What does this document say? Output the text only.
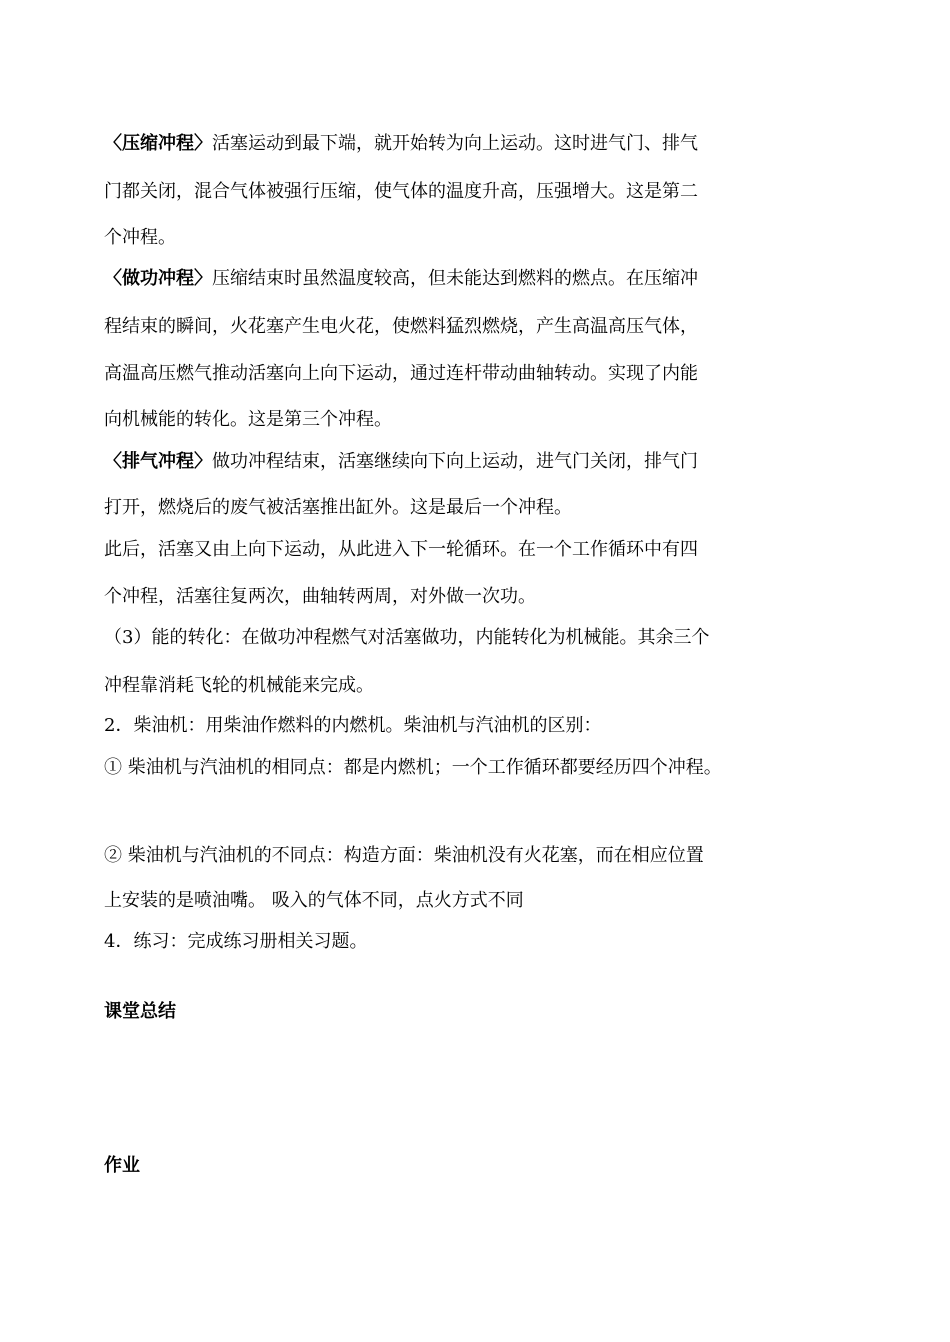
〈压缩冲程〉活塞运动到最下端，就开始转为向上运动。这时进气门、排气
门都关闭，混合气体被强行压缩，使气体的温度升高，压强增大。这是第二
个冲程。
〈做功冲程〉压缩结束时虽然温度较高，但未能达到燃料的燃点。在压缩冲
程结束的瞬间，火花塞产生电火花，使燃料猛烈燃烧，产生高温高压气体，
高温高压燃气推动活塞向上向下运动，通过连杆带动曲轴转动。实现了内能
向机械能的转化。这是第三个冲程。
〈排气冲程〉做功冲程结束，活塞继续向下向上运动，进气门关闭，排气门
打开，燃烧后的废气被活塞推出缸外。这是最后一个冲程。
此后，活塞又由上向下运动，从此进入下一轮循环。在一个工作循环中有四
个冲程，活塞往复两次，曲轴转两周，对外做一次功。
（3）能的转化：在做功冲程燃气对活塞做功，内能转化为机械能。其余三个
冲程靠消耗飞轮的机械能来完成。
2．柴油机：用柴油作燃料的内燃机。柴油机与汽油机的区别：
① 柴油机与汽油机的相同点：都是内燃机；一个工作循环都要经历四个冲程。
② 柴油机与汽油机的不同点：构造方面：柴油机没有火花塞，而在相应位置
上安装的是喷油嘴。 吸入的气体不同，点火方式不同
4．练习：完成练习册相关习题。
课堂总结
作业
